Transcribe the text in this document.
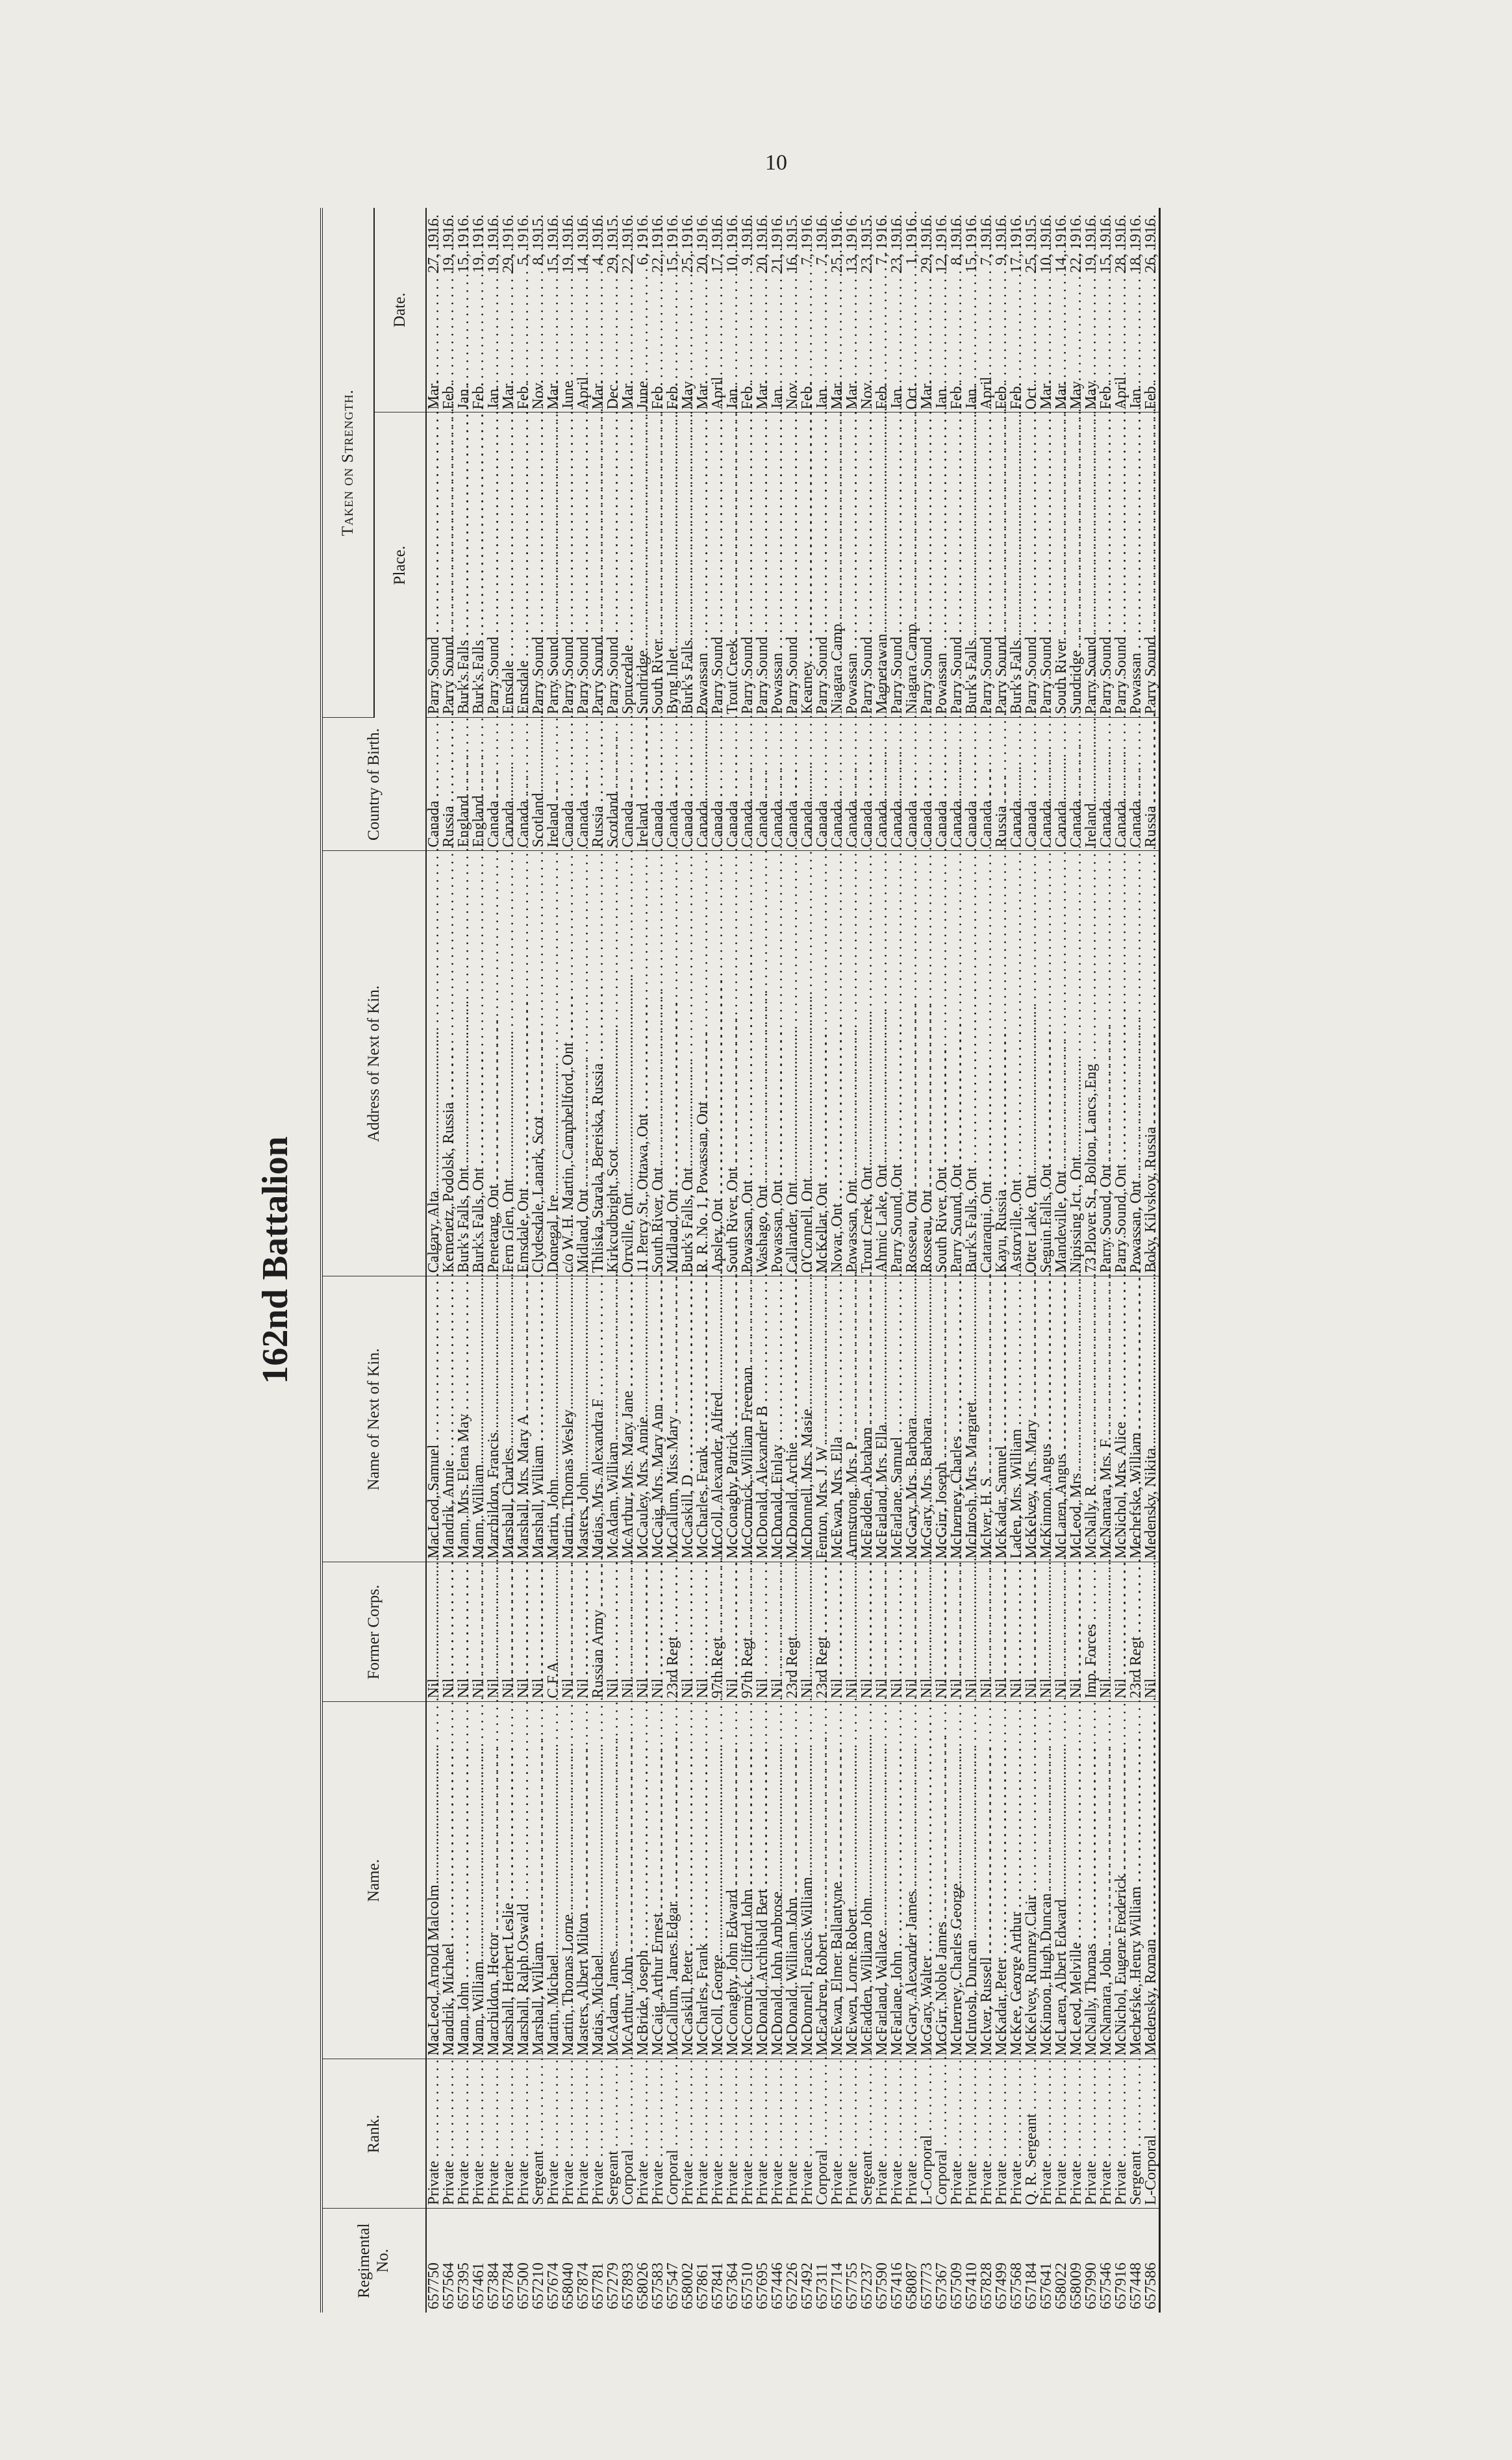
10
162nd Battalion
Regimental No.	Rank.	Name.	Former Corps.	Name of Next of Kin.	Address of Next of Kin.	Country of Birth.	Taken on Strength.	
							Place.	Date.
657750	Private . . .	MacLeod, Arnold Malcolm . . .	Nil . . .	MacLeod, Samuel . . .	Calgary, Alta . . .	Canada . . .	Parry Sound . . .	Mar.27, 1916.
657564	Private . . .	Mandrik, Michael . . .	Nil . . .	Mandrik, Annie . . .	Kemenetz, Podolsk, Russia . . .	Russia . . .	Parry Sound . . .	Feb.19, 1916.
657395	Private . . .	Mann, John . . .	Nil . . .	Mann, Mrs. Elena May . . .	Burk's Falls, Ont . . .	England . . .	Burk's Falls . . .	Jan.15, 1916.
657461	Private . . .	Mann, William . . .	Nil . . .	Mann, William . . .	Burk's Falls, Ont . . .	England . . .	Burk's Falls . . .	Feb.19, 1916.
657384	Private . . .	Marchildon, Hector . . .	Nil . . .	Marchildon, Francis . . .	Penetang, Ont . . .	Canada . . .	Parry Sound . . .	Jan.19, 1916.
657784	Private . . .	Marshall, Herbert Leslie . . .	Nil . . .	Marshall, Charles . . .	Fern Glen, Ont . . .	Canada . . .	Emsdale . . .	Mar.29, 1916.
657500	Private . . .	Marshall, Ralph Oswald . . .	Nil . . .	Marshall, Mrs. Mary A . . .	Emsdale, Ont . . .	Canada . . .	Emsdale . . .	Feb.5, 1916.
657210	Sergeant . . .	Marshall, William . . .	Nil . . .	Marshall, William . . .	Clydesdale, Lanark, Scot . . .	Scotland . . .	Parry Sound . . .	Nov.8, 1915.
657674	Private . . .	Martin, Michael . . .	C.F.A . . .	Martin, John . . .	Donegal, Ire . . .	Ireland . . .	Parry Sound . . .	Mar.15, 1916.
658040	Private . . .	Martin, Thomas Lorne . . .	Nil . . .	Martin, Thomas Wesley . . .	c/o W. H. Martin, Campbellford, Ont . . .	Canada . . .	Parry Sound . . .	June19, 1916.
657874	Private . . .	Masters, Albert Milton . . .	Nil . . .	Masters, John . . .	Midland, Ont . . .	Canada . . .	Parry Sound . . .	April14, 1916.
657781	Private . . .	Matias, Michael . . .	Russian Army . . .	Matias, Mrs. Alexandra F . . .	Thliska, Starala, Bereiska, Russia . . .	Russia . . .	Parry Sound . . .	Mar.4, 1916.
657279	Sergeant . . .	McAdam, James . . .	Nil . . .	McAdam, William . . .	Kirkcudbright, Scot . . .	Scotland . . .	Parry Sound . . .	Dec.29, 1915.
657893	Corporal . . .	McArthur, John . . .	Nil . . .	McArthur, Mrs. Mary Jane . . .	Orrville, Ont . . .	Canada . . .	Sprucedale . . .	Mar.22, 1916.
658026	Private . . .	McBride, Joseph . . .	Nil . . .	McCauley, Mrs. Annie . . .	11 Percy St., Ottawa, Ont . . .	Ireland . . .	Sundridge . . .	June6, 1916.
657583	Private . . .	McCaig, Arthur Ernest . . .	Nil . . .	McCaig, Mrs. Mary Ann . . .	South River, Ont . . .	Canada . . .	South River . . .	Feb.22, 1916.
657547	Corporal . . .	McCallum, James Edgar . . .	23rd Regt . . .	McCallum, Miss Mary . . .	Midland, Ont . . .	Canada . . .	Byng Inlet . . .	Feb.15, 1916.
658002	Private . . .	McCaskill, Peter . . .	Nil . . .	McCaskill, D . . .	Burk's Falls, Ont . . .	Canada . . .	Burk's Falls . . .	May25, 1916.
657861	Private . . .	McCharles, Frank . . .	Nil . . .	McCharles, Frank . . .	R. R. No. 1, Powassan, Ont . . .	Canada . . .	Powassan . . .	Mar.20, 1916.
657841	Private . . .	McColl, George . . .	97th Regt . . .	McColl, Alexander, Alfred . . .	Apsley, Ont . . .	Canada . . .	Parry Sound . . .	April17, 1916.
657364	Private . . .	McConaghy, John Edward . . .	Nil . . .	McConaghy, Patrick . . .	South River, Ont . . .	Canada . . .	Trout Creek . . .	Jan.10, 1916.
657510	Private . . .	McCormick, Clifford John . . .	97th Regt . . .	McCormick, William Freeman . . .	Powassan, Ont . . .	Canada . . .	Parry Sound . . .	Feb.9, 1916.
657695	Private . . .	McDonald, Archibald Bert . . .	Nil . . .	McDonald, Alexander B . . .	Washago, Ont . . .	Canada . . .	Parry Sound . . .	Mar.20, 1916.
657446	Private . . .	McDonald, John Ambrose . . .	Nil . . .	McDonald, Finlay . . .	Powassan, Ont . . .	Canada . . .	Powassan . . .	Jan.21, 1916.
657226	Private . . .	McDonald, William John . . .	23rd Regt . . .	McDonald, Archie . . .	Callander, Ont . . .	Canada . . .	Parry Sound . . .	Nov.16, 1915.
657492	Private . . .	McDonnell, Francis William . . .	Nil . . .	McDonnell, Mrs. Masie . . .	O'Connell, Ont . . .	Canada . . .	Kearney . . .	Feb.7, 1916.
657311	Corporal . . .	McEachren, Robert . . .	23rd Regt . . .	Fenton, Mrs. J. W . . .	McKellar, Ont . . .	Canada . . .	Parry Sound . . .	Jan.7, 1916.
657714	Private . . .	McEwan, Elmer Ballantyne . . .	Nil . . .	McEwan, Mrs. Ella . . .	Novar, Ont . . .	Canada . . .	Niagara Camp . . .	Mar.25, 1916.
657755	Private . . .	McEwen, Lorne Robert . . .	Nil . . .	Armstrong, Mrs. P . . .	Powassan, Ont . . .	Canada . . .	Powassan . . .	Mar.13, 1916.
657237	Sergeant . . .	McFadden, William John . . .	Nil . . .	McFadden, Abraham . . .	Trout Creek, Ont . . .	Canada . . .	Parry Sound . . .	Nov.23, 1915.
657590	Private . . .	McFarland, Wallace . . .	Nil . . .	McFarland, Mrs. Ella . . .	Ahmic Lake, Ont . . .	Canada . . .	Magnetawan . . .	Feb.7, 1916.
657416	Private . . .	McFarlane, John . . .	Nil . . .	McFarlane, Samuel . . .	Parry Sound, Ont . . .	Canada . . .	Parry Sound . . .	Jan.23, 1916.
658087	Private . . .	McGary, Alexander James . . .	Nil . . .	McGary, Mrs. Barbara . . .	Rosseau, Ont . . .	Canada . . .	Niagara Camp . . .	Oct.1, 1916.
657773	L-Corporal . . .	McGary, Walter . . .	Nil . . .	McGary, Mrs. Barbara . . .	Rosseau, Ont . . .	Canada . . .	Parry Sound . . .	Mar.29, 1916.
657367	Corporal . . .	McGirr, Noble James . . .	Nil . . .	McGirr, Joseph . . .	South River, Ont . . .	Canada . . .	Powassan . . .	Jan.12, 1916.
657509	Private . . .	McInerney, Charles George . . .	Nil . . .	McInerney, Charles . . .	Parry Sound, Ont . . .	Canada . . .	Parry Sound . . .	Feb.8, 1916.
657410	Private . . .	McIntosh, Duncan . . .	Nil . . .	McIntosh, Mrs. Margaret . . .	Burk's Falls, Ont . . .	Canada . . .	Burk's Falls . . .	Jan.15, 1916.
657828	Private . . .	McIver, Russell . . .	Nil . . .	McIver, H. S . . .	Cataraqui, Ont . . .	Canada . . .	Parry Sound . . .	April7, 1916.
657499	Private . . .	McKadar, Peter . . .	Nil . . .	McKadar, Samuel . . .	Kayu, Russia . . .	Russia . . .	Parry Sound . . .	Feb.9, 1916.
657568	Private . . .	McKee, George Arthur . . .	Nil . . .	Laden, Mrs. William . . .	Astorville, Ont . . .	Canada . . .	Burk's Falls . . .	Feb.17, 1916.
657184	Q. R. Sergeant . . .	McKelvey, Rumney Clair . . .	Nil . . .	McKelvey, Mrs. Mary . . .	Otter Lake, Ont . . .	Canada . . .	Parry Sound . . .	Oct.25, 1915.
657641	Private . . .	McKinnon, Hugh Duncan . . .	Nil . . .	McKinnon, Angus . . .	Seguin Falls, Ont . . .	Canada . . .	Parry Sound . . .	Mar.10, 1916.
658022	Private . . .	McLaren, Albert Edward . . .	Nil . . .	McLaren, Angus . . .	Mandeville, Ont . . .	Canada . . .	South River . . .	Mar.14, 1916.
658009	Private . . .	McLeod, Melville . . .	Nil . . .	McLeod, Mrs . . .	Nipissing Jct., Ont . . .	Canada . . .	Sundridge . . .	May22, 1916.
657990	Private . . .	McNally, Thomas . . .	Imp. Forces . . .	McNally, R . . .	73 Plover St., Bolton, Lancs, Eng . . .	Ireland . . .	Parry Sound . . .	May19, 1916.
657546	Private . . .	McNamara, John . . .	Nil . . .	McNamara, Mrs. F . . .	Parry Sound, Ont . . .	Canada . . .	Parry Sound . . .	Feb.15, 1916.
657916	Private . . .	McNichol, Eugene Frederick . . .	Nil . . .	McNichol, Mrs. Alice . . .	Parry Sound, Ont . . .	Canada . . .	Parry Sound . . .	April28, 1916.
657448	Sergeant . . .	Mechefske, Henry William . . .	23rd Regt . . .	Mechefske, William . . .	Powassan, Ont . . .	Canada . . .	Powassan . . .	Jan.18, 1916.
657586	L-Corporal . . .	Medensky, Roman . . .	Nil . . .	Medensky, Nikita . . .	Boky, Kilvskoy, Russia . . .	Russia . . .	Parry Sound . . .	Feb.26, 1916.
